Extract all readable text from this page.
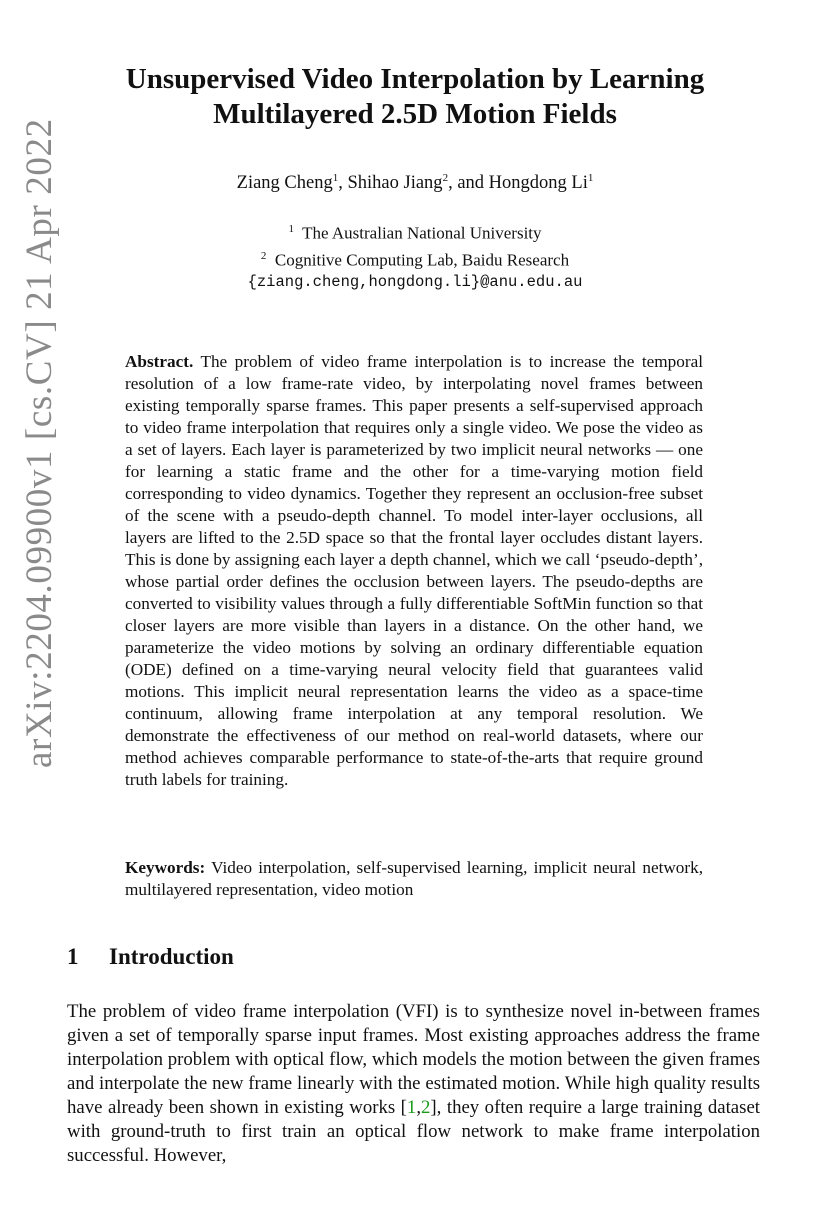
arXiv:2204.09900v1 [cs.CV] 21 Apr 2022
Unsupervised Video Interpolation by Learning
Multilayered 2.5D Motion Fields
Ziang Cheng$^1$, Shihao Jiang$^2$, and Hongdong Li$^1$
$^1$ The Australian National University
$^2$ Cognitive Computing Lab, Baidu Research
{ziang.cheng,hongdong.li}@anu.edu.au
Abstract. The problem of video frame interpolation is to increase the temporal resolution of a low frame-rate video, by interpolating novel frames between existing temporally sparse frames. This paper presents a self-supervised approach to video frame interpolation that requires only a single video. We pose the video as a set of layers. Each layer is parameterized by two implicit neural networks — one for learning a static frame and the other for a time-varying motion field corresponding to video dynamics. Together they represent an occlusion-free subset of the scene with a pseudo-depth channel. To model inter-layer occlusions, all layers are lifted to the 2.5D space so that the frontal layer occludes distant layers. This is done by assigning each layer a depth channel, which we call ‘pseudo-depth’, whose partial order defines the occlusion between layers. The pseudo-depths are converted to visibility values through a fully differentiable SoftMin function so that closer layers are more visible than layers in a distance. On the other hand, we parameterize the video motions by solving an ordinary differentiable equation (ODE) defined on a time-varying neural velocity field that guarantees valid motions. This implicit neural representation learns the video as a space-time continuum, allowing frame interpolation at any temporal resolution. We demonstrate the effectiveness of our method on real-world datasets, where our method achieves comparable performance to state-of-the-arts that require ground truth labels for training.
Keywords: Video interpolation, self-supervised learning, implicit neural network, multilayered representation, video motion
1 Introduction
The problem of video frame interpolation (VFI) is to synthesize novel in-between frames given a set of temporally sparse input frames. Most existing approaches address the frame interpolation problem with optical flow, which models the motion between the given frames and interpolate the new frame linearly with the estimated motion. While high quality results have already been shown in existing works [1,2], they often require a large training dataset with ground-truth to first train an optical flow network to make frame interpolation successful. However,
